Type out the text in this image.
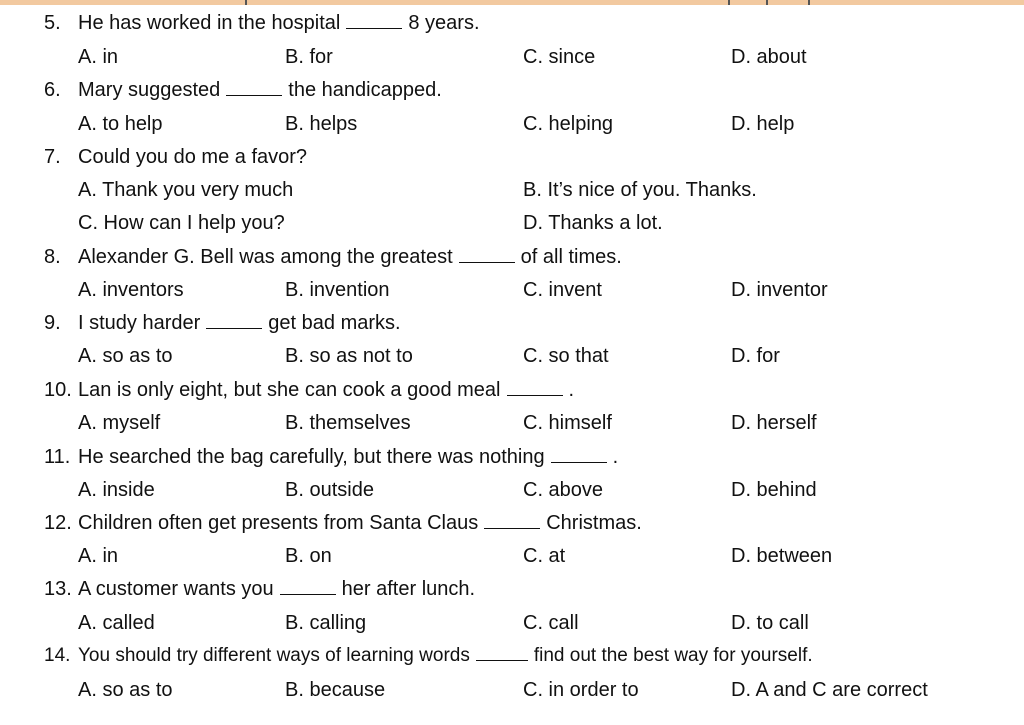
5. He has worked in the hospital	8 years.
A. in	B. for	C. since	D. about
6. Mary suggested	the handicapped.
A. to help	B. helps	C. helping	D. help
7. Could you do me a favor?
A. Thank you very much	B. It’s nice of you. Thanks.
C. How can I help you?	D. Thanks a lot.
8. Alexander G. Bell was among the greatest	of all times.
A. inventors	B. invention	C. invent	D. inventor
9. I study harder	get bad marks.
A. so as to	B. so as not to	C. so that	D. for
10. Lan is only eight, but she can cook a good meal	.
A. myself	B. themselves	C. himself	D. herself
11. He searched the bag carefully, but there was nothing	.
A. inside	B. outside	C. above	D. behind
12. Children often get presents from Santa Claus	Christmas.
A. in	B. on	C. at	D. between
13. A customer wants you	her after lunch.
A. called	B. calling	C. call	D. to call
14. You should try different ways of learning words	find out the best way for yourself.
A. so as to	B. because	C. in order to	D. A and C are correct
